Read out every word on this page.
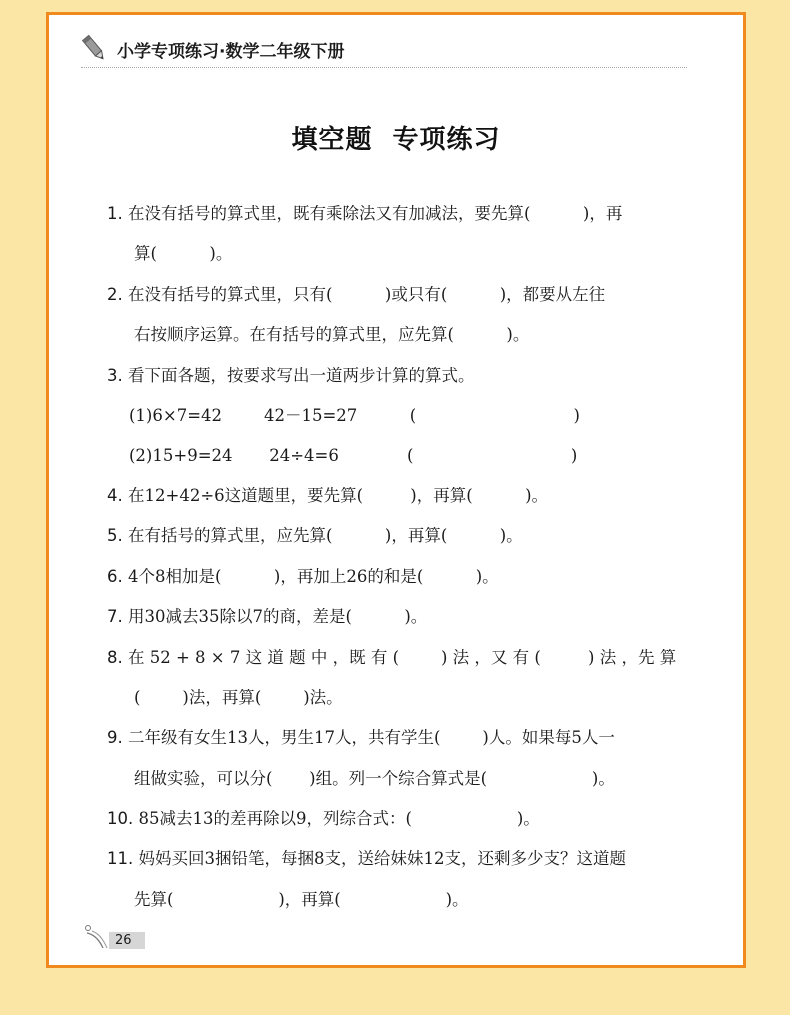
小学专项练习·数学二年级下册
填空题  专项练习
1. 在没有括号的算式里，既有乘除法又有加减法，要先算(          )，再
算(          )。
2. 在没有括号的算式里，只有(          )或只有(          )，都要从左往
右按顺序运算。在有括号的算式里，应先算(          )。
3. 看下面各题，按要求写出一道两步计算的算式。
(1)6×7=42        42－15=27          (                              )
(2)15+9=24       24÷4=6             (                              )
4. 在12+42÷6这道题里，要先算(         )，再算(          )。
5. 在有括号的算式里，应先算(          )，再算(          )。
6. 4个8相加是(          )，再加上26的和是(          )。
7. 用30减去35除以7的商，差是(          )。
8. 在 52 + 8 × 7 这 道 题 中 ，既 有 (        ) 法 ，又 有 (         ) 法 ，先 算
(        )法，再算(        )法。
9. 二年级有女生13人，男生17人，共有学生(        )人。如果每5人一
组做实验，可以分(       )组。列一个综合算式是(                    )。
10. 85减去13的差再除以9，列综合式：(                    )。
11. 妈妈买回3捆铅笔，每捆8支，送给妹妹12支，还剩多少支？这道题
先算(                    )，再算(                    )。
26
